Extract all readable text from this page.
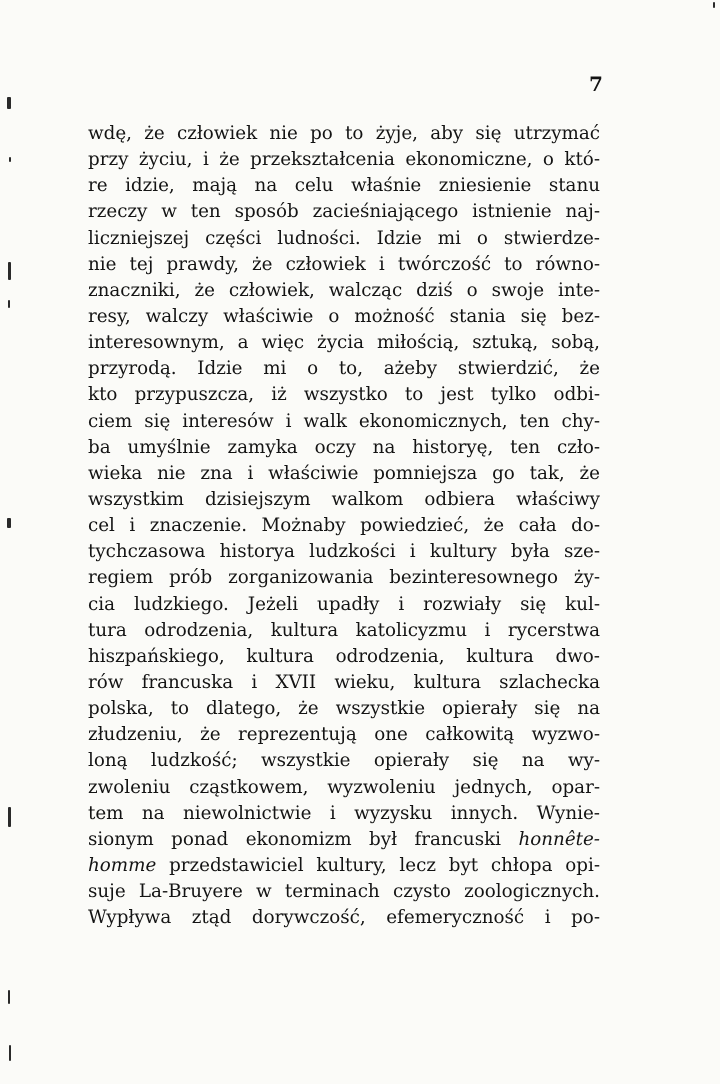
7
wdę, że człowiek nie po to żyje, aby się utrzymać
przy życiu, i że przekształcenia ekonomiczne, o któ-
re idzie, mają na celu właśnie zniesienie stanu
rzeczy w ten sposób zacieśniającego istnienie naj-
liczniejszej części ludności. Idzie mi o stwierdze-
nie tej prawdy, że człowiek i twórczość to równo-
znaczniki, że człowiek, walcząc dziś o swoje inte-
resy, walczy właściwie o możność stania się bez-
interesownym, a więc życia miłością, sztuką, sobą,
przyrodą. Idzie mi o to, ażeby stwierdzić, że
kto przypuszcza, iż wszystko to jest tylko odbi-
ciem się interesów i walk ekonomicznych, ten chy-
ba umyślnie zamyka oczy na historyę, ten czło-
wieka nie zna i właściwie pomniejsza go tak, że
wszystkim dzisiejszym walkom odbiera właściwy
cel i znaczenie. Możnaby powiedzieć, że cała do-
tychczasowa historya ludzkości i kultury była sze-
regiem prób zorganizowania bezinteresownego ży-
cia ludzkiego. Jeżeli upadły i rozwiały się kul-
tura odrodzenia, kultura katolicyzmu i rycerstwa
hiszpańskiego, kultura odrodzenia, kultura dwo-
rów francuska i XVII wieku, kultura szlachecka
polska, to dlatego, że wszystkie opierały się na
złudzeniu, że reprezentują one całkowitą wyzwo-
loną ludzkość; wszystkie opierały się na wy-
zwoleniu cząstkowem, wyzwoleniu jednych, opar-
tem na niewolnictwie i wyzysku innych. Wynie-
sionym ponad ekonomizm był francuski honnête-
homme przedstawiciel kultury, lecz byt chłopa opi-
suje La-Bruyere w terminach czysto zoologicznych.
Wypływa ztąd dorywczość, efemeryczność i po-
